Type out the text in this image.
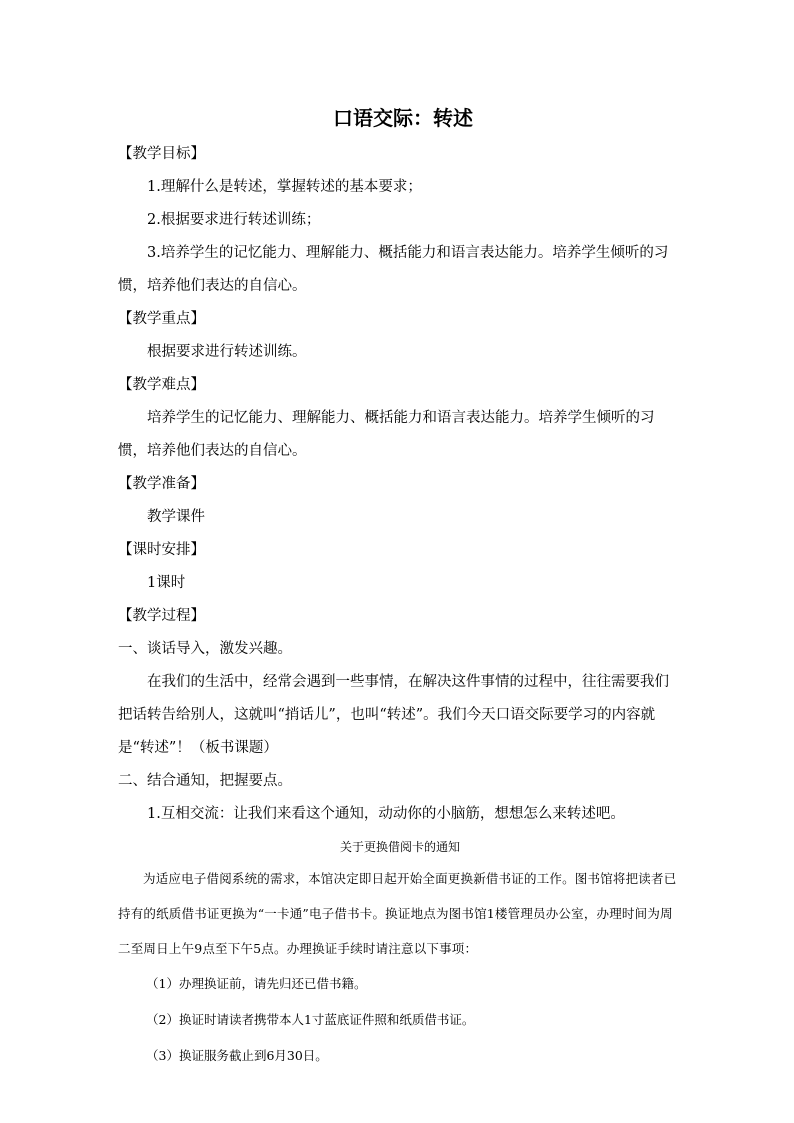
口语交际：转述

【教学目标】

1.理解什么是转述，掌握转述的基本要求；

2.根据要求进行转述训练；

3.培养学生的记忆能力、理解能力、概括能力和语言表达能力。培养学生倾听的习惯，培养他们表达的自信心。

【教学重点】

根据要求进行转述训练。

【教学难点】

培养学生的记忆能力、理解能力、概括能力和语言表达能力。培养学生倾听的习惯，培养他们表达的自信心。

【教学准备】

教学课件

【课时安排】

1课时

【教学过程】

一、谈话导入，激发兴趣。

在我们的生活中，经常会遇到一些事情，在解决这件事情的过程中，往往需要我们把话转告给别人，这就叫“捎话儿”，也叫“转述”。我们今天口语交际要学习的内容就是“转述”！（板书课题）

二、结合通知，把握要点。

1.互相交流：让我们来看这个通知，动动你的小脑筋，想想怎么来转述吧。

关于更换借阅卡的通知

为适应电子借阅系统的需求，本馆决定即日起开始全面更换新借书证的工作。图书馆将把读者已持有的纸质借书证更换为“一卡通”电子借书卡。换证地点为图书馆1楼管理员办公室，办理时间为周二至周日上午9点至下午5点。办理换证手续时请注意以下事项：

（1）办理换证前，请先归还已借书籍。

（2）换证时请读者携带本人1寸蓝底证件照和纸质借书证。

（3）换证服务截止到6月30日。
